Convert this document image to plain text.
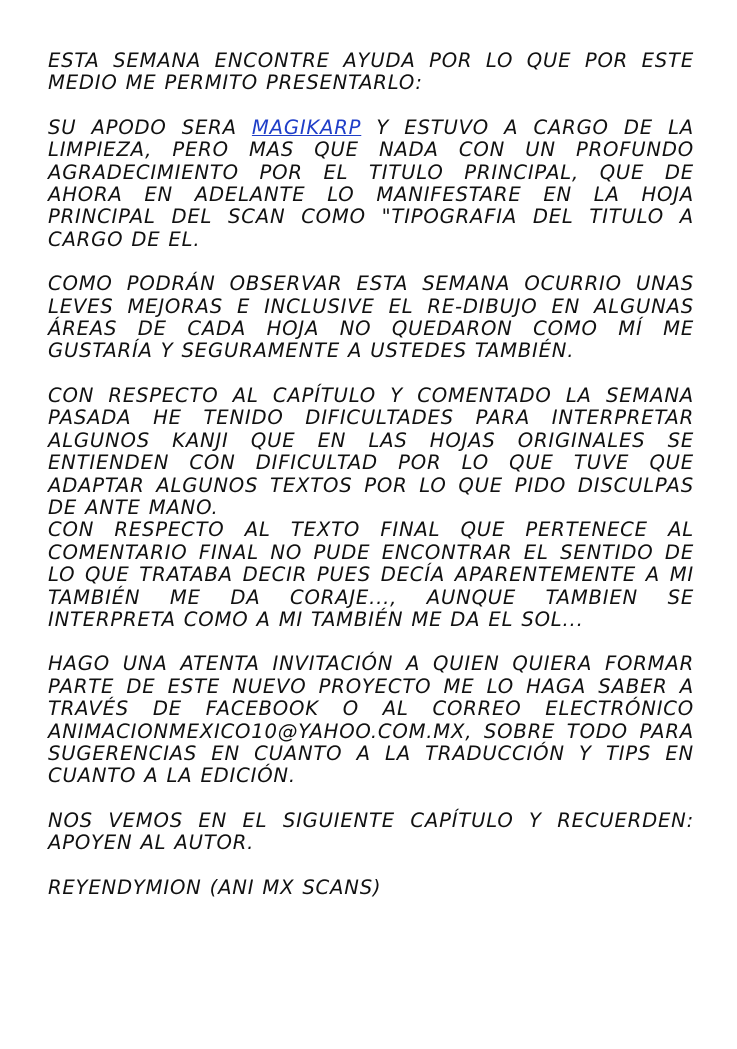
ESTA SEMANA ENCONTRE AYUDA POR LO QUE POR ESTE MEDIO ME PERMITO PRESENTARLO:

SU APODO SERA MAGIKARP Y ESTUVO A CARGO DE LA LIMPIEZA, PERO MAS QUE NADA CON UN PROFUNDO AGRADECIMIENTO POR EL TITULO PRINCIPAL, QUE DE AHORA EN ADELANTE LO MANIFESTARE EN LA HOJA PRINCIPAL DEL SCAN COMO "TIPOGRAFIA DEL TITULO A CARGO DE EL.

COMO PODRÁN OBSERVAR ESTA SEMANA OCURRIO UNAS LEVES MEJORAS E INCLUSIVE EL RE-DIBUJO EN ALGUNAS ÁREAS DE CADA HOJA NO QUEDARON COMO MÍ ME GUSTARÍA Y SEGURAMENTE A USTEDES TAMBIÉN.

CON RESPECTO AL CAPÍTULO Y COMENTADO LA SEMANA PASADA HE TENIDO DIFICULTADES PARA INTERPRETAR ALGUNOS KANJI QUE EN LAS HOJAS ORIGINALES SE ENTIENDEN CON DIFICULTAD POR LO QUE TUVE QUE ADAPTAR ALGUNOS TEXTOS POR LO QUE PIDO DISCULPAS DE ANTE MANO.

CON RESPECTO AL TEXTO FINAL QUE PERTENECE AL COMENTARIO FINAL NO PUDE ENCONTRAR EL SENTIDO DE LO QUE TRATABA DECIR PUES DECÍA APARENTEMENTE A MI TAMBIÉN ME DA CORAJE..., AUNQUE TAMBIEN SE INTERPRETA COMO A MI TAMBIÉN ME DA EL SOL...

HAGO UNA ATENTA INVITACIÓN A QUIEN QUIERA FORMAR PARTE DE ESTE NUEVO PROYECTO ME LO HAGA SABER A TRAVÉS DE FACEBOOK O AL CORREO ELECTRÓNICO ANIMACIONMEXICO10@YAHOO.COM.MX, SOBRE TODO PARA SUGERENCIAS EN CUANTO A LA TRADUCCIÓN Y TIPS EN CUANTO A LA EDICIÓN.

NOS VEMOS EN EL SIGUIENTE CAPÍTULO Y RECUERDEN: APOYEN AL AUTOR.

REYENDYMION (ANI MX SCANS)
